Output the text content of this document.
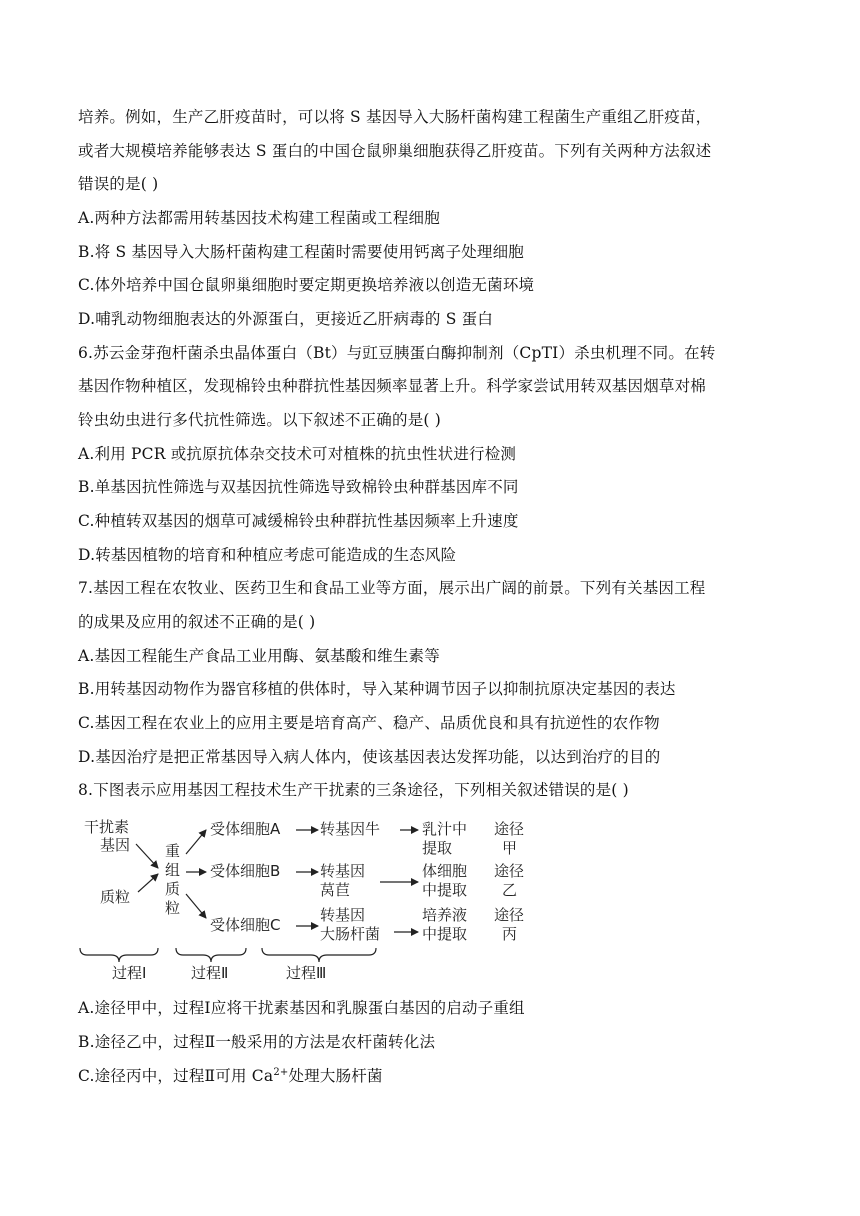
培养。例如，生产乙肝疫苗时，可以将 S 基因导入大肠杆菌构建工程菌生产重组乙肝疫苗，
或者大规模培养能够表达 S 蛋白的中国仓鼠卵巢细胞获得乙肝疫苗。下列有关两种方法叙述
错误的是( )
A.两种方法都需用转基因技术构建工程菌或工程细胞
B.将 S 基因导入大肠杆菌构建工程菌时需要使用钙离子处理细胞
C.体外培养中国仓鼠卵巢细胞时要定期更换培养液以创造无菌环境
D.哺乳动物细胞表达的外源蛋白，更接近乙肝病毒的 S 蛋白
6.苏云金芽孢杆菌杀虫晶体蛋白（Bt）与豇豆胰蛋白酶抑制剂（CpTⅠ）杀虫机理不同。在转
基因作物种植区，发现棉铃虫种群抗性基因频率显著上升。科学家尝试用转双基因烟草对棉
铃虫幼虫进行多代抗性筛选。以下叙述不正确的是( )
A.利用 PCR 或抗原抗体杂交技术可对植株的抗虫性状进行检测
B.单基因抗性筛选与双基因抗性筛选导致棉铃虫种群基因库不同
C.种植转双基因的烟草可减缓棉铃虫种群抗性基因频率上升速度
D.转基因植物的培育和种植应考虑可能造成的生态风险
7.基因工程在农牧业、医药卫生和食品工业等方面，展示出广阔的前景。下列有关基因工程
的成果及应用的叙述不正确的是( )
A.基因工程能生产食品工业用酶、氨基酸和维生素等
B.用转基因动物作为器官移植的供体时，导入某种调节因子以抑制抗原决定基因的表达
C.基因工程在农业上的应用主要是培育高产、稳产、品质优良和具有抗逆性的农作物
D.基因治疗是把正常基因导入病人体内，使该基因表达发挥功能，以达到治疗的目的
8.下图表示应用基因工程技术生产干扰素的三条途径，下列相关叙述错误的是( )
干扰素
基因
质粒
重
组
质
粒
受体细胞A
受体细胞B
受体细胞C
转基因牛
转基因
莴苣
转基因
大肠杆菌
乳汁中
提取
体细胞
中提取
培养液
中提取
途径
甲
途径
乙
途径
丙
过程Ⅰ	过程Ⅱ	过程Ⅲ
A.途径甲中，过程Ⅰ应将干扰素基因和乳腺蛋白基因的启动子重组
B.途径乙中，过程Ⅱ一般采用的方法是农杆菌转化法
C.途径丙中，过程Ⅱ可用 $Ca^{2+}$处理大肠杆菌
